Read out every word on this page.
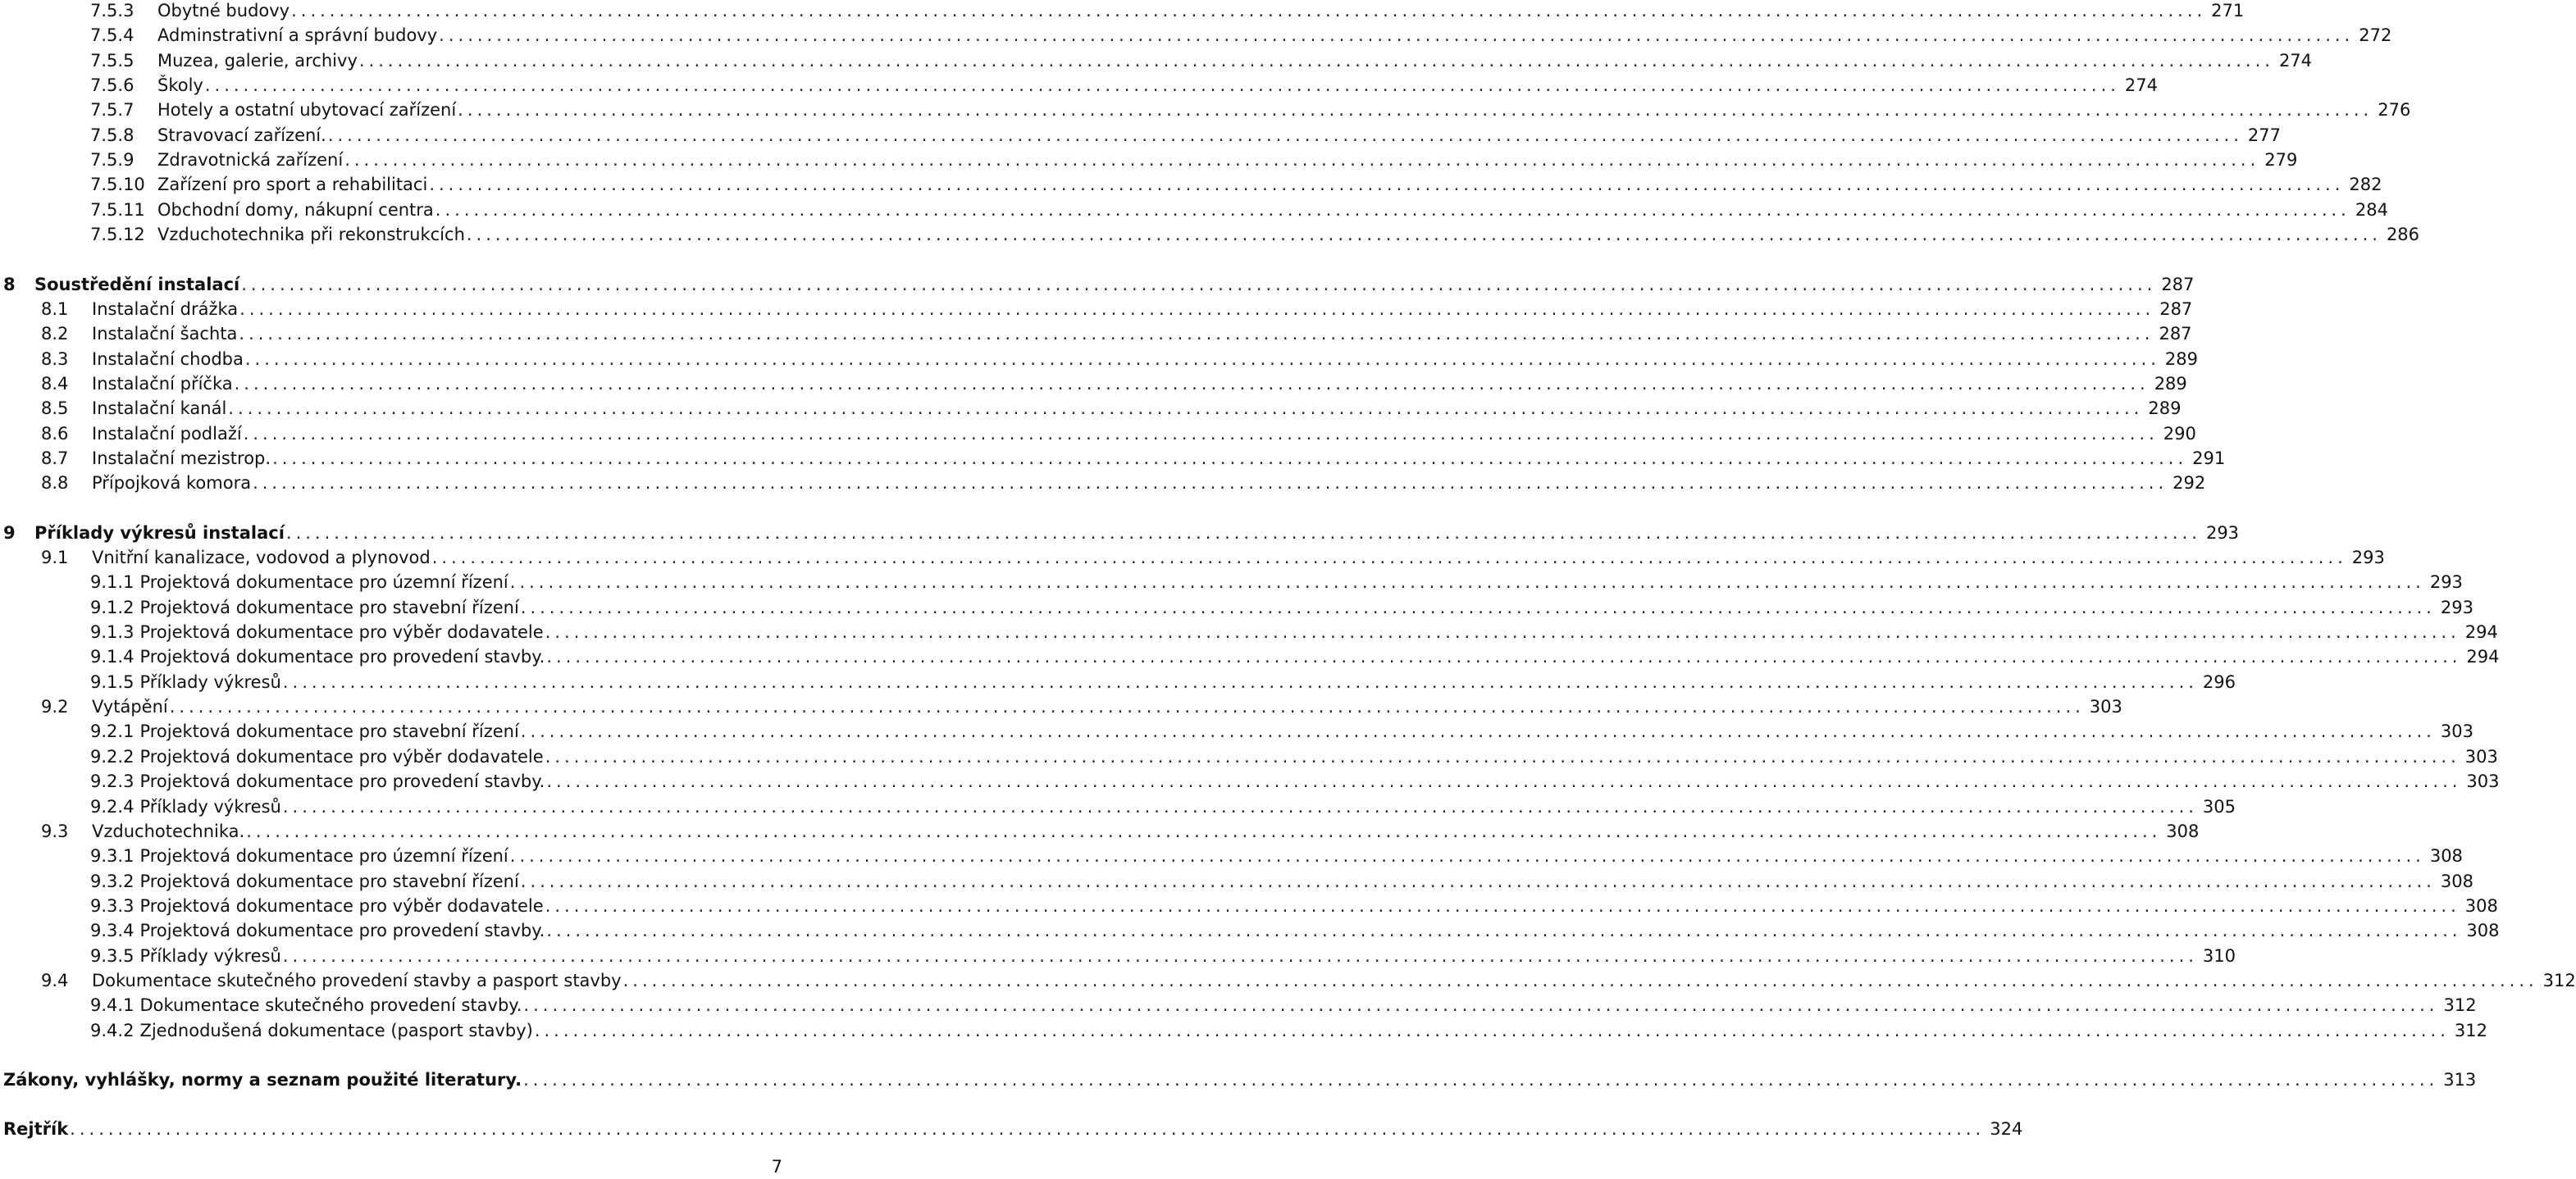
7.5.3	Obytné budovy ........................................................................................................................................................................................................ 271
7.5.4	Adminstrativní a správní budovy ........................................................................................................................................................................................................ 272
7.5.5	Muzea, galerie, archivy ........................................................................................................................................................................................................ 274
7.5.6	Školy ........................................................................................................................................................................................................ 274
7.5.7	Hotely a ostatní ubytovací zařízení ........................................................................................................................................................................................................ 276
7.5.8	Stravovací zařízení. ........................................................................................................................................................................................................ 277
7.5.9	Zdravotnická zařízení ........................................................................................................................................................................................................ 279
7.5.10 Zařízení pro sport a rehabilitaci ........................................................................................................................................................................................................ 282
7.5.11 Obchodní domy, nákupní centra ........................................................................................................................................................................................................ 284
7.5.12 Vzduchotechnika při rekonstrukcích ........................................................................................................................................................................................................ 286
8	Soustředění instalací ........................................................................................................................................................................................................ 287
8.1	Instalační drážka ........................................................................................................................................................................................................ 287
8.2	Instalační šachta ........................................................................................................................................................................................................ 287
8.3	Instalační chodba ........................................................................................................................................................................................................ 289
8.4	Instalační příčka ........................................................................................................................................................................................................ 289
8.5	Instalační kanál ........................................................................................................................................................................................................ 289
8.6	Instalační podlaží ........................................................................................................................................................................................................ 290
8.7	Instalační mezistrop. ........................................................................................................................................................................................................ 291
8.8	Přípojková komora ........................................................................................................................................................................................................ 292
9	Příklady výkresů instalací ........................................................................................................................................................................................................ 293
9.1	Vnitřní kanalizace, vodovod a plynovod ........................................................................................................................................................................................................ 293
9.1.1 Projektová dokumentace pro územní řízení ........................................................................................................................................................................................................ 293
9.1.2 Projektová dokumentace pro stavební řízení ........................................................................................................................................................................................................ 293
9.1.3 Projektová dokumentace pro výběr dodavatele ........................................................................................................................................................................................................ 294
9.1.4 Projektová dokumentace pro provedení stavby. ........................................................................................................................................................................................................ 294
9.1.5 Příklady výkresů ........................................................................................................................................................................................................ 296
9.2	Vytápění ........................................................................................................................................................................................................ 303
9.2.1 Projektová dokumentace pro stavební řízení ........................................................................................................................................................................................................ 303
9.2.2 Projektová dokumentace pro výběr dodavatele ........................................................................................................................................................................................................ 303
9.2.3 Projektová dokumentace pro provedení stavby. ........................................................................................................................................................................................................ 303
9.2.4 Příklady výkresů ........................................................................................................................................................................................................ 305
9.3	Vzduchotechnika. ........................................................................................................................................................................................................ 308
9.3.1 Projektová dokumentace pro územní řízení ........................................................................................................................................................................................................ 308
9.3.2 Projektová dokumentace pro stavební řízení ........................................................................................................................................................................................................ 308
9.3.3 Projektová dokumentace pro výběr dodavatele ........................................................................................................................................................................................................ 308
9.3.4 Projektová dokumentace pro provedení stavby. ........................................................................................................................................................................................................ 308
9.3.5 Příklady výkresů ........................................................................................................................................................................................................ 310
9.4	Dokumentace skutečného provedení stavby a pasport stavby ........................................................................................................................................................................................................ 312
9.4.1 Dokumentace skutečného provedení stavby. ........................................................................................................................................................................................................ 312
9.4.2 Zjednodušená dokumentace (pasport stavby) ........................................................................................................................................................................................................ 312
Zákony, vyhlášky, normy a seznam použité literatury. ........................................................................................................................................................................................................ 313
Rejtřík ........................................................................................................................................................................................................ 324
7
